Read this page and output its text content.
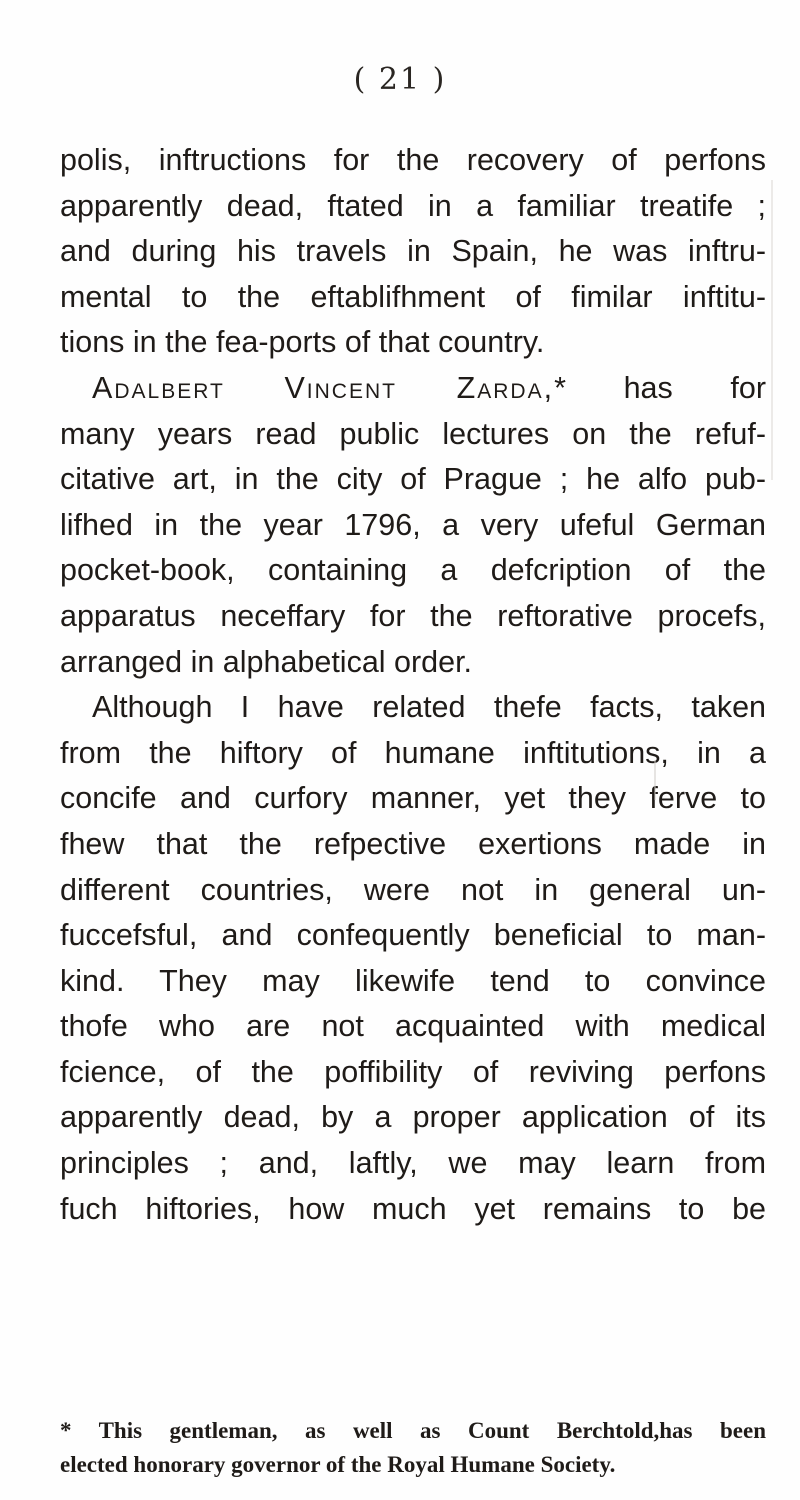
( 21 )
polis, inftructions for the recovery of perfons
apparently dead, ftated in a familiar treatife ;
and during his travels in Spain, he was inftru-
mental to the eftablifhment of fimilar inftitu-
tions in the fea-ports of that country.
Adalbert Vincent Zarda,* has for
many years read public lectures on the refuf-
citative art, in the city of Prague ; he alfo pub-
lifhed in the year 1796, a very ufeful German
pocket-book, containing a defcription of the
apparatus neceffary for the reftorative procefs,
arranged in alphabetical order.
Although I have related thefe facts, taken
from the hiftory of humane inftitutions, in a
concife and curfory manner, yet they ferve to
fhew that the refpective exertions made in
different countries, were not in general un-
fuccefsful, and confequently beneficial to man-
kind. They may likewife tend to convince
thofe who are not acquainted with medical
fcience, of the poffibility of reviving perfons
apparently dead, by a proper application of its
principles ; and, laftly, we may learn from
fuch hiftories, how much yet remains to be
* This gentleman, as well as Count Berchtold,has been
elected honorary governor of the Royal Humane Society.
